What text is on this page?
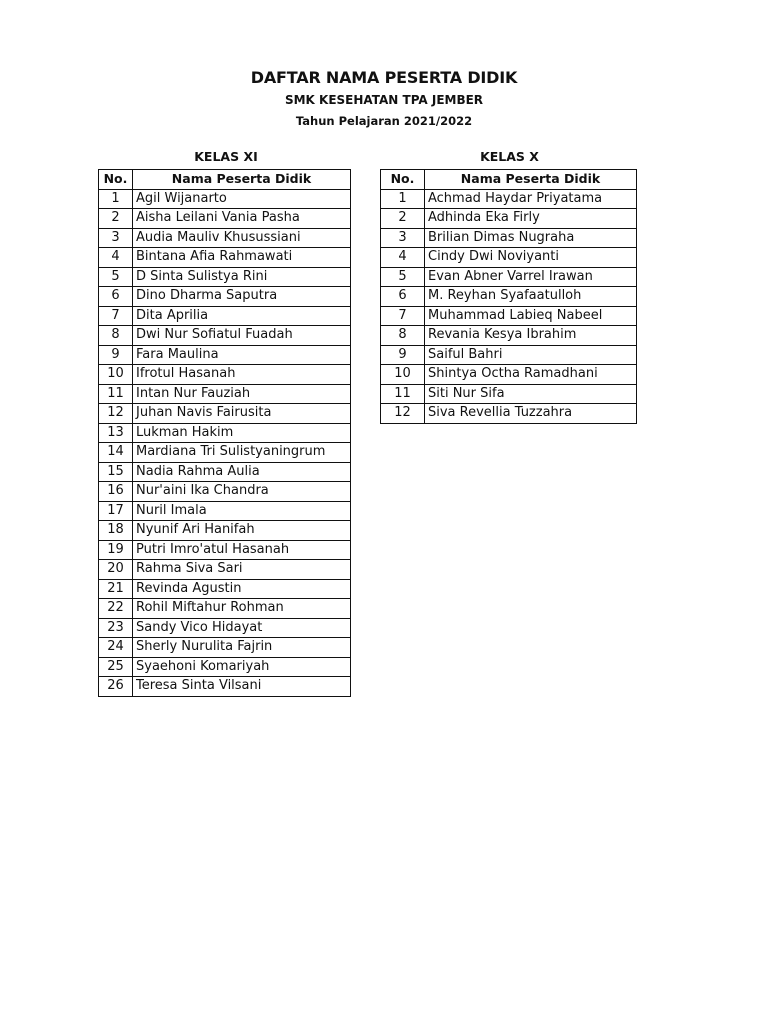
DAFTAR NAMA PESERTA DIDIK
SMK KESEHATAN TPA JEMBER
Tahun Pelajaran 2021/2022
KELAS XI	KELAS X
No.	Nama Peserta Didik
1	Agil Wijanarto
2	Aisha Leilani Vania Pasha
3	Audia Mauliv Khusussiani
4	Bintana Afia Rahmawati
5	D Sinta Sulistya Rini
6	Dino Dharma Saputra
7	Dita Aprilia
8	Dwi Nur Sofiatul Fuadah
9	Fara Maulina
10	Ifrotul Hasanah
11	Intan Nur Fauziah
12	Juhan Navis Fairusita
13	Lukman Hakim
14	Mardiana Tri Sulistyaningrum
15	Nadia Rahma Aulia
16	Nur'aini Ika Chandra
17	Nuril Imala
18	Nyunif Ari Hanifah
19	Putri Imro'atul Hasanah
20	Rahma Siva Sari
21	Revinda Agustin
22	Rohil Miftahur Rohman
23	Sandy Vico Hidayat
24	Sherly Nurulita Fajrin
25	Syaehoni Komariyah
26	Teresa Sinta Vilsani
No.	Nama Peserta Didik
1	Achmad Haydar Priyatama
2	Adhinda Eka Firly
3	Brilian Dimas Nugraha
4	Cindy Dwi Noviyanti
5	Evan Abner Varrel Irawan
6	M. Reyhan Syafaatulloh
7	Muhammad Labieq Nabeel
8	Revania Kesya Ibrahim
9	Saiful Bahri
10	Shintya Octha Ramadhani
11	Siti Nur Sifa
12	Siva Revellia Tuzzahra
